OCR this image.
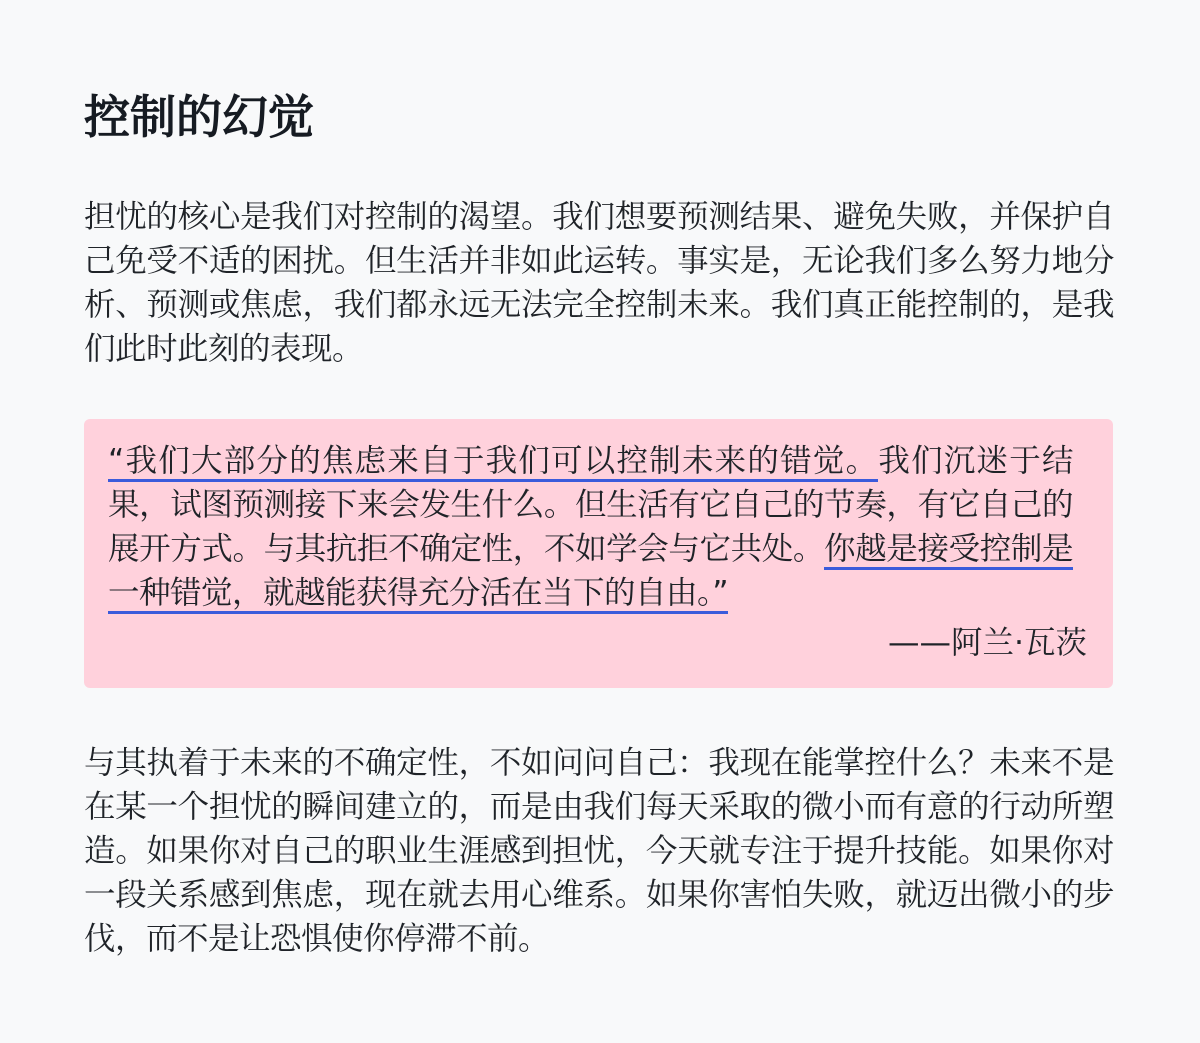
控制的幻觉

担忧的核心是我们对控制的渴望。我们想要预测结果、避免失败，并保护自己免受不适的困扰。但生活并非如此运转。事实是，无论我们多么努力地分析、预测或焦虑，我们都永远无法完全控制未来。我们真正能控制的，是我们此时此刻的表现。

“我们大部分的焦虑来自于我们可以控制未来的错觉。我们沉迷于结果，试图预测接下来会发生什么。但生活有它自己的节奏，有它自己的展开方式。与其抗拒不确定性，不如学会与它共处。你越是接受控制是一种错觉，就越能获得充分活在当下的自由。”

——阿兰·瓦茨

与其执着于未来的不确定性，不如问问自己：我现在能掌控什么？未来不是在某一个担忧的瞬间建立的，而是由我们每天采取的微小而有意的行动所塑造。如果你对自己的职业生涯感到担忧，今天就专注于提升技能。如果你对一段关系感到焦虑，现在就去用心维系。如果你害怕失败，就迈出微小的步伐，而不是让恐惧使你停滞不前。
